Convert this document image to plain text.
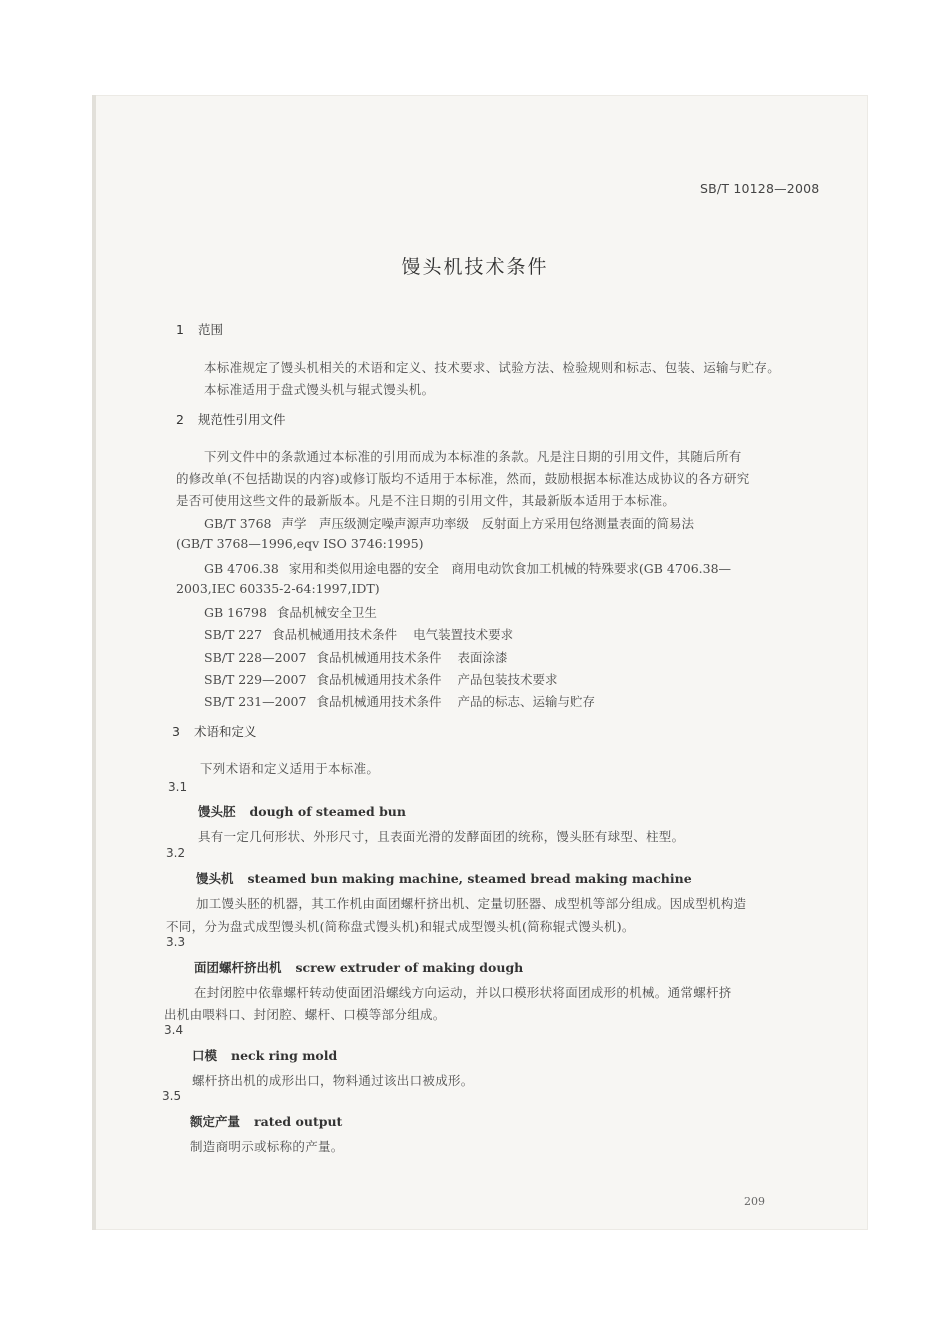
SB/T 10128—2008
馒头机技术条件
1 范围
本标准规定了馒头机相关的术语和定义、技术要求、试验方法、检验规则和标志、包装、运输与贮存。
本标准适用于盘式馒头机与辊式馒头机。
2 规范性引用文件
下列文件中的条款通过本标准的引用而成为本标准的条款。凡是注日期的引用文件，其随后所有
的修改单(不包括勘误的内容)或修订版均不适用于本标准，然而，鼓励根据本标准达成协议的各方研究
是否可使用这些文件的最新版本。凡是不注日期的引用文件，其最新版本适用于本标准。
GB/T 3768 声学　声压级测定噪声源声功率级　反射面上方采用包络测量表面的简易法
(GB/T 3768—1996,eqv ISO 3746:1995)
GB 4706.38 家用和类似用途电器的安全　商用电动饮食加工机械的特殊要求(GB 4706.38—
2003,IEC 60335-2-64:1997,IDT)
GB 16798 食品机械安全卫生
SB/T 227 食品机械通用技术条件 电气装置技术要求
SB/T 228—2007 食品机械通用技术条件 表面涂漆
SB/T 229—2007 食品机械通用技术条件 产品包装技术要求
SB/T 231—2007 食品机械通用技术条件 产品的标志、运输与贮存
3 术语和定义
下列术语和定义适用于本标准。
3.1
馒头胚 dough of steamed bun
具有一定几何形状、外形尺寸，且表面光滑的发酵面团的统称，馒头胚有球型、柱型。
3.2
馒头机 steamed bun making machine, steamed bread making machine
加工馒头胚的机器，其工作机由面团螺杆挤出机、定量切胚器、成型机等部分组成。因成型机构造
不同，分为盘式成型馒头机(简称盘式馒头机)和辊式成型馒头机(简称辊式馒头机)。
3.3
面团螺杆挤出机 screw extruder of making dough
在封闭腔中依靠螺杆转动使面团沿螺线方向运动，并以口模形状将面团成形的机械。通常螺杆挤
出机由喂料口、封闭腔、螺杆、口模等部分组成。
3.4
口模 neck ring mold
螺杆挤出机的成形出口，物料通过该出口被成形。
3.5
额定产量 rated output
制造商明示或标称的产量。
209
